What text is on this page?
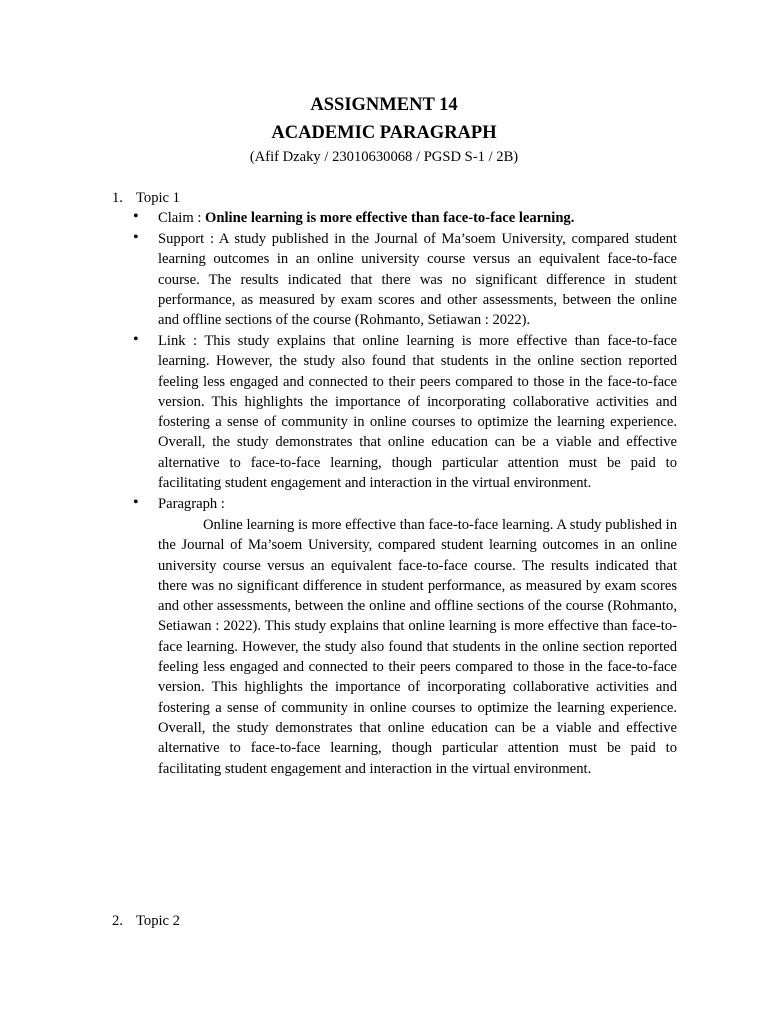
ASSIGNMENT 14
ACADEMIC PARAGRAPH
(Afif Dzaky / 23010630068 / PGSD S-1 / 2B)
1. Topic 1
•
Claim : Online learning is more effective than face-to-face learning.
•
Support : A study published in the Journal of Ma’soem University, compared student learning outcomes in an online university course versus an equivalent face-to-face course. The results indicated that there was no significant difference in student performance, as measured by exam scores and other assessments, between the online and offline sections of the course (Rohmanto, Setiawan : 2022).
•
Link : This study explains that online learning is more effective than face-to-face learning. However, the study also found that students in the online section reported feeling less engaged and connected to their peers compared to those in the face-to-face version. This highlights the importance of incorporating collaborative activities and fostering a sense of community in online courses to optimize the learning experience. Overall, the study demonstrates that online education can be a viable and effective alternative to face-to-face learning, though particular attention must be paid to facilitating student engagement and interaction in the virtual environment.
•
Paragraph :
Online learning is more effective than face-to-face learning. A study published in the Journal of Ma’soem University, compared student learning outcomes in an online university course versus an equivalent face-to-face course. The results indicated that there was no significant difference in student performance, as measured by exam scores and other assessments, between the online and offline sections of the course (Rohmanto, Setiawan : 2022). This study explains that online learning is more effective than face-to-face learning. However, the study also found that students in the online section reported feeling less engaged and connected to their peers compared to those in the face-to-face version. This highlights the importance of incorporating collaborative activities and fostering a sense of community in online courses to optimize the learning experience. Overall, the study demonstrates that online education can be a viable and effective alternative to face-to-face learning, though particular attention must be paid to facilitating student engagement and interaction in the virtual environment.
2. Topic 2
